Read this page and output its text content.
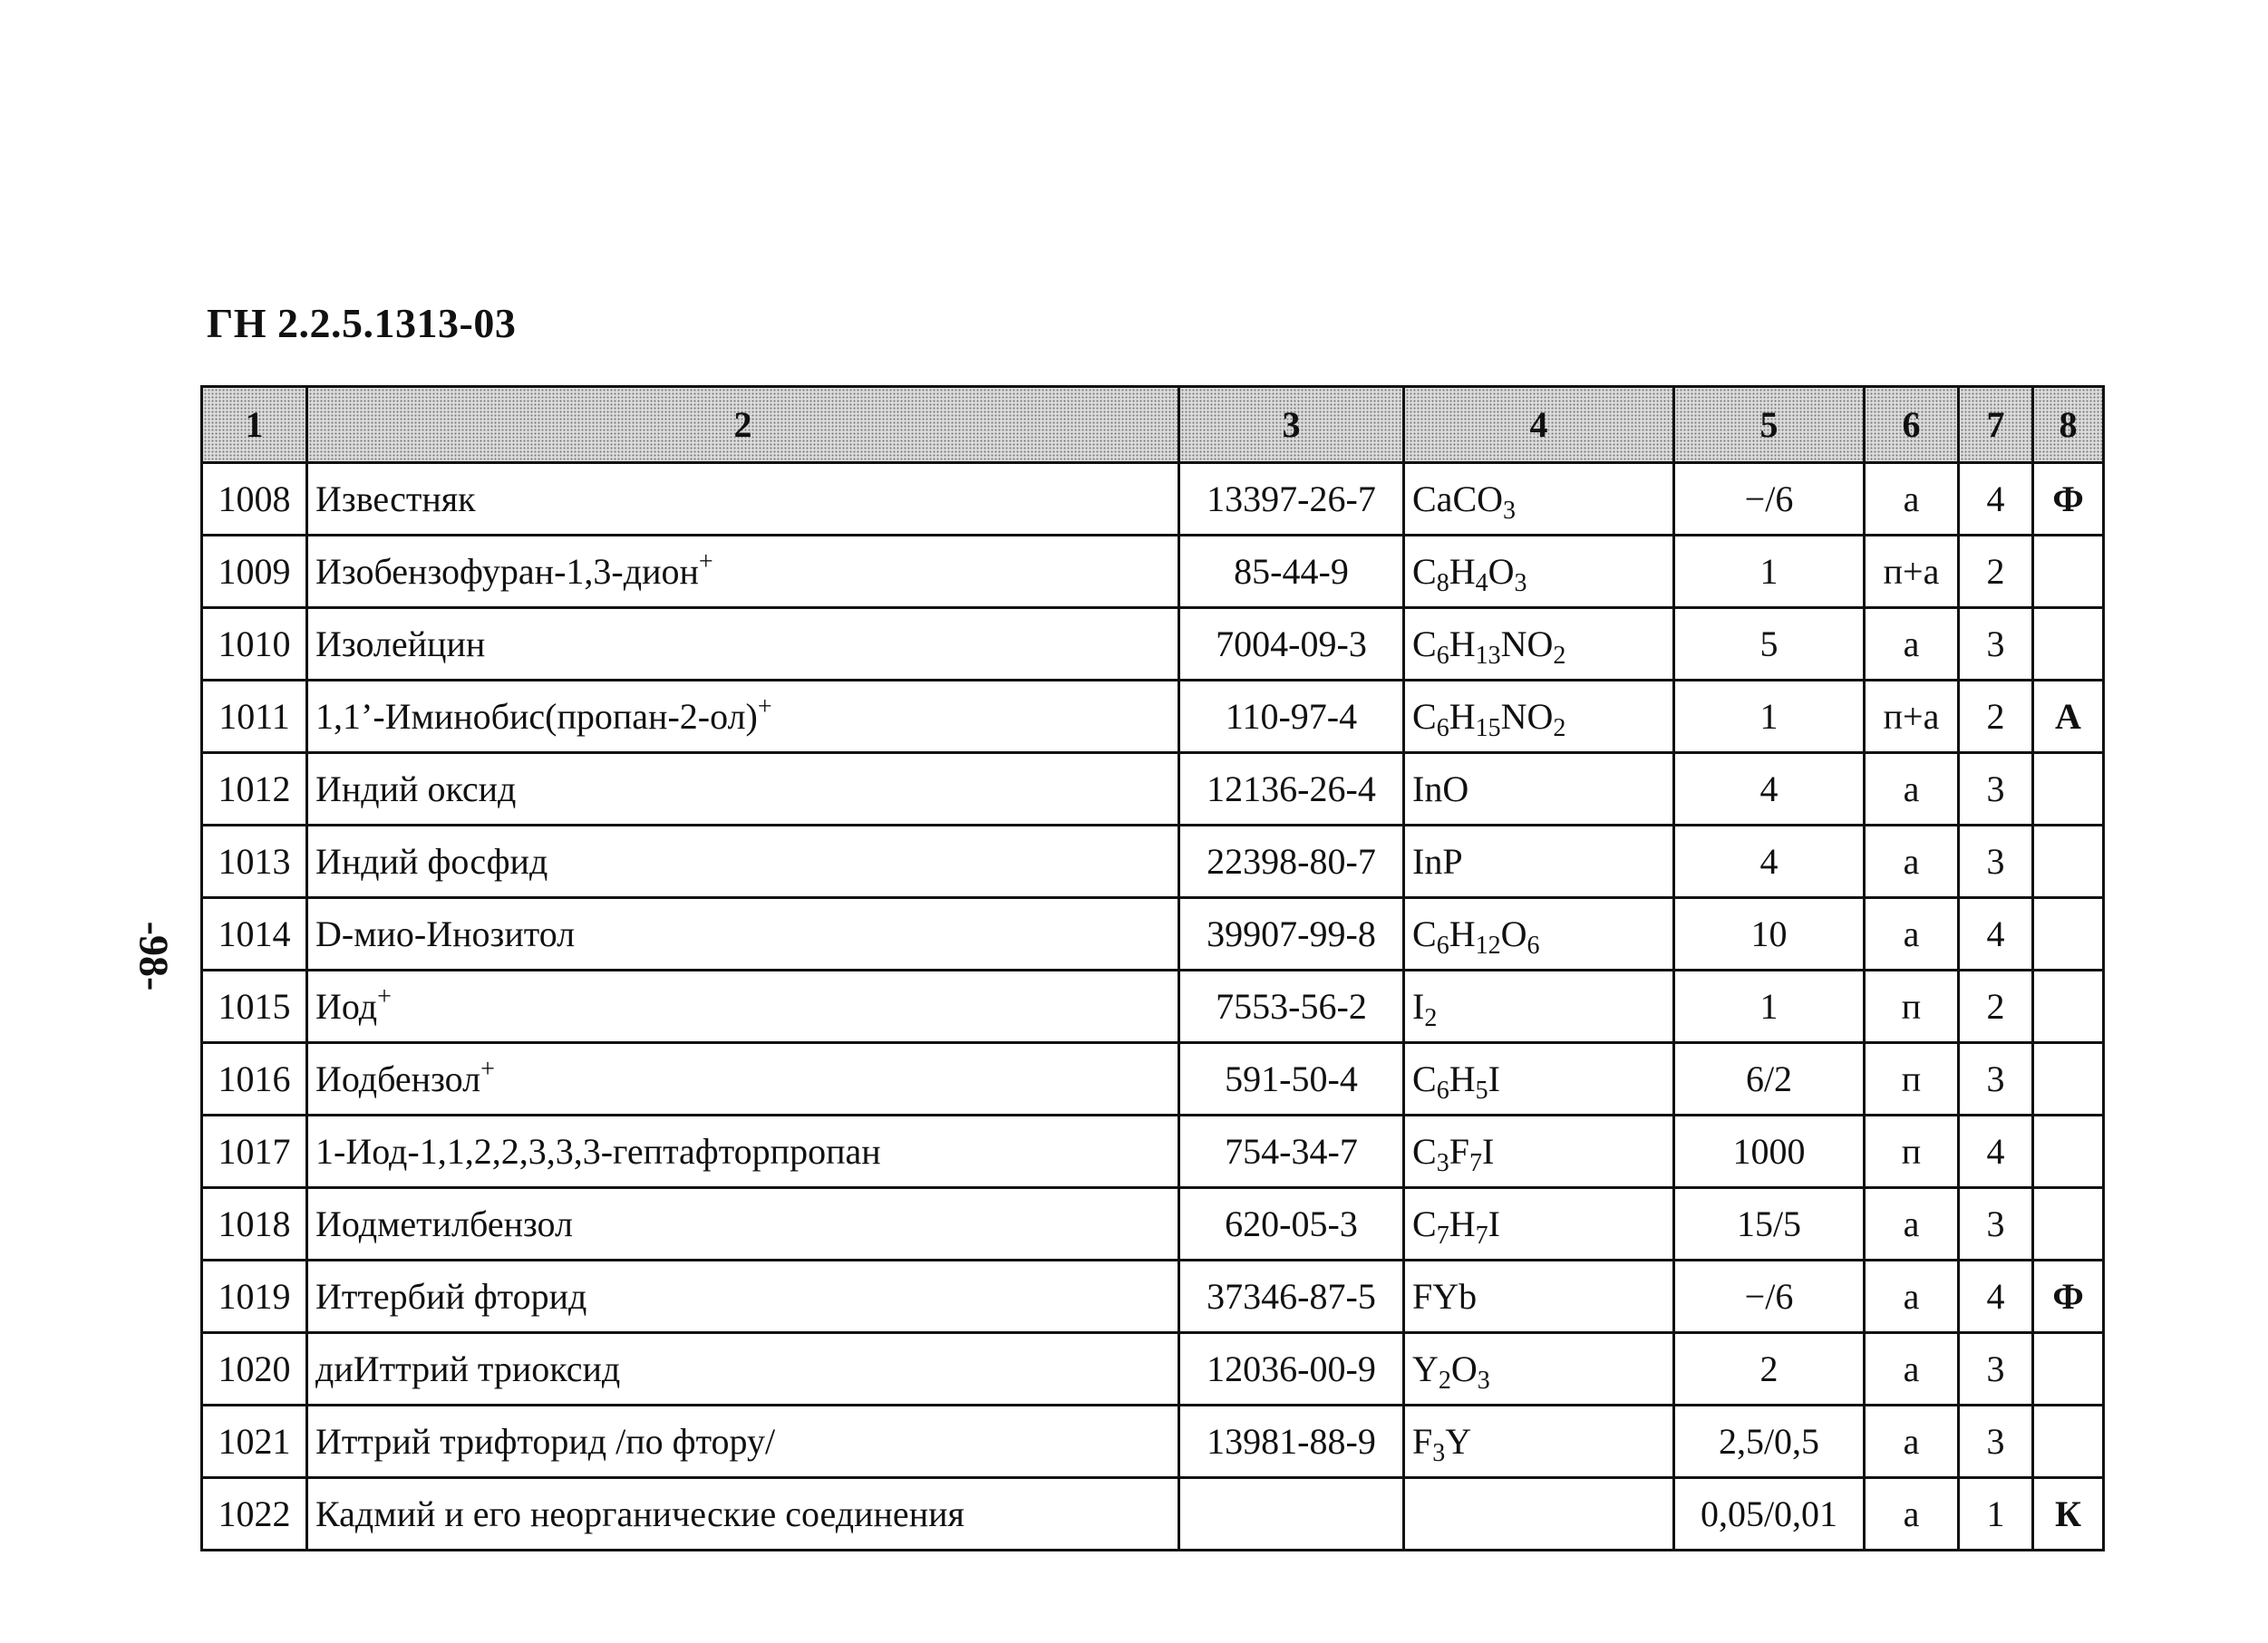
ГН 2.2.5.1313-03
-98-
1	2	3	4	5	6	7	8
1008	Известняк	13397-26-7	CaCO$_3$	−/6	а	4	Ф
1009	Изобензофуран-1,3-дион+	85-44-9	$C_8H_4O_3$	1	п+а	2	
1010	Изолейцин	7004-09-3	$C_6H_{13}NO_2$	5	а	3	
1011	1,1’-Иминобис(пропан-2-ол)+	110-97-4	$C_6H_{15}NO_2$	1	п+а	2	А
1012	Индий оксид	12136-26-4	InO	4	а	3	
1013	Индий фосфид	22398-80-7	InP	4	а	3	
1014	D-мио-Инозитол	39907-99-8	$C_6H_{12}O_6$	10	а	4	
1015	Иод+	7553-56-2	$I_2$	1	п	2	
1016	Иодбензол+	591-50-4	$C_6H_5I$	6/2	п	3	
1017	1-Иод-1,1,2,2,3,3,3-гептафторпропан	754-34-7	$C_3F_7I$	1000	п	4	
1018	Иодметилбензол	620-05-3	$C_7H_7I$	15/5	а	3	
1019	Иттербий фторид	37346-87-5	FYb	−/6	а	4	Ф
1020	диИттрий триоксид	12036-00-9	$Y_2O_3$	2	а	3	
1021	Иттрий трифторид /по фтору/	13981-88-9	$F_3Y$	2,5/0,5	а	3	
1022	Кадмий и его неорганические соединения			0,05/0,01	а	1	К
